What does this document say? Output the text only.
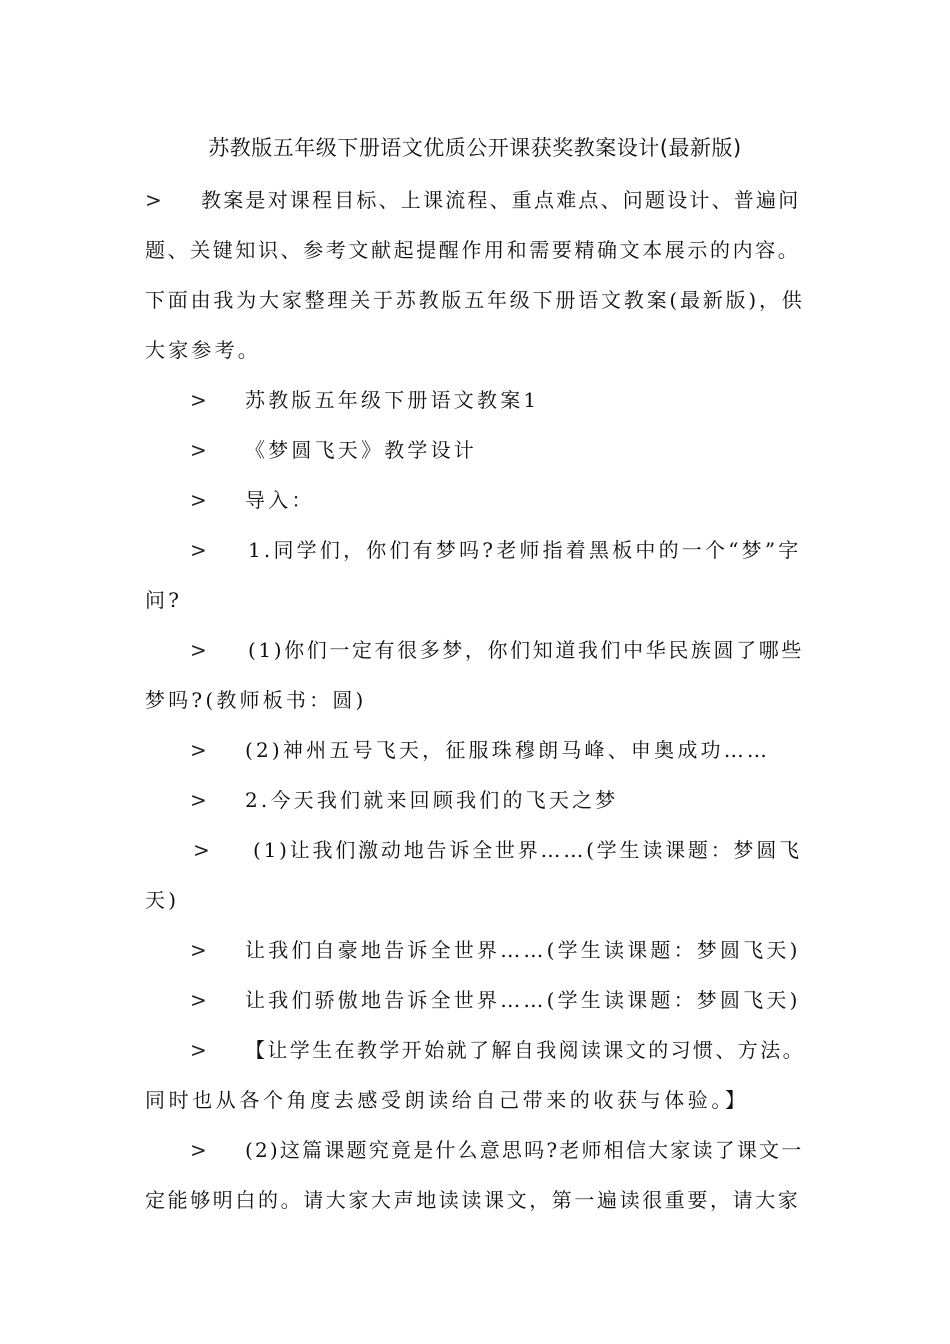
苏教版五年级下册语文优质公开课获奖教案设计(最新版)
> 教案是对课程目标、上课流程、重点难点、问题设计、普遍问
题、关键知识、参考文献起提醒作用和需要精确文本展示的内容。
下面由我为大家整理关于苏教版五年级下册语文教案(最新版)，供
大家参考。
> 苏教版五年级下册语文教案1
> 《梦圆飞天》教学设计
> 导入：
> 1.同学们，你们有梦吗?老师指着黑板中的一个“梦”字
问?
> (1)你们一定有很多梦，你们知道我们中华民族圆了哪些
梦吗?(教师板书：圆)
> (2)神州五号飞天，征服珠穆朗马峰、申奥成功……
> 2.今天我们就来回顾我们的飞天之梦
> (1)让我们激动地告诉全世界……(学生读课题：梦圆飞
天)
> 让我们自豪地告诉全世界……(学生读课题：梦圆飞天)
> 让我们骄傲地告诉全世界……(学生读课题：梦圆飞天)
> 【让学生在教学开始就了解自我阅读课文的习惯、方法。
同时也从各个角度去感受朗读给自己带来的收获与体验。】
> (2)这篇课题究竟是什么意思吗?老师相信大家读了课文一
定能够明白的。请大家大声地读读课文，第一遍读很重要，请大家
